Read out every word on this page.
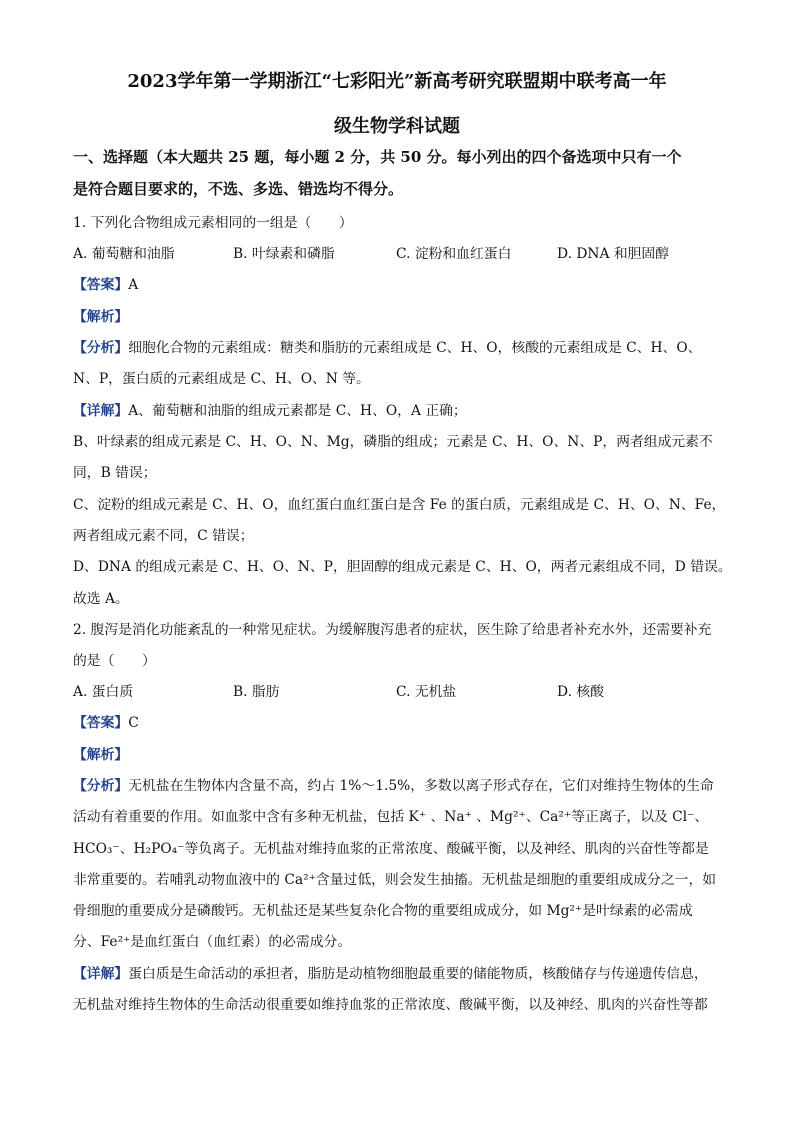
2023学年第一学期浙江“七彩阳光”新高考研究联盟期中联考高一年
级生物学科试题
一、选择题（本大题共 25 题，每小题 2 分，共 50 分。每小列出的四个备选项中只有一个
是符合题目要求的，不选、多选、错选均不得分。
1. 下列化合物组成元素相同的一组是（　　）
A. 葡萄糖和油脂	B. 叶绿素和磷脂	C. 淀粉和血红蛋白	D. DNA 和胆固醇
【答案】A
【解析】
【分析】细胞化合物的元素组成：糖类和脂肪的元素组成是 C、H、O，核酸的元素组成是 C、H、O、
N、P，蛋白质的元素组成是 C、H、O、N 等。
【详解】A、葡萄糖和油脂的组成元素都是 C、H、O，A 正确；
B、叶绿素的组成元素是 C、H、O、N、Mg，磷脂的组成；元素是 C、H、O、N、P，两者组成元素不
同，B 错误；
C、淀粉的组成元素是 C、H、O，血红蛋白血红蛋白是含 Fe 的蛋白质，元素组成是 C、H、O、N、Fe，
两者组成元素不同，C 错误；
D、DNA 的组成元素是 C、H、O、N、P，胆固醇的组成元素是 C、H、O，两者元素组成不同，D 错误。
故选 A。
2. 腹泻是消化功能紊乱的一种常见症状。为缓解腹泻患者的症状，医生除了给患者补充水外，还需要补充
的是（　　）
A. 蛋白质	B. 脂肪	C. 无机盐	D. 核酸
【答案】C
【解析】
【分析】无机盐在生物体内含量不高，约占 1%～1.5%，多数以离子形式存在，它们对维持生物体的生命
活动有着重要的作用。如血浆中含有多种无机盐，包括 K⁺ 、Na⁺ 、Mg²⁺、Ca²⁺等正离子，以及 Cl⁻、
HCO₃⁻、H₂PO₄⁻等负离子。无机盐对维持血浆的正常浓度、酸碱平衡，以及神经、肌肉的兴奋性等都是
非常重要的。若哺乳动物血液中的 Ca²⁺含量过低，则会发生抽搐。无机盐是细胞的重要组成成分之一，如
骨细胞的重要成分是磷酸钙。无机盐还是某些复杂化合物的重要组成成分，如 Mg²⁺是叶绿素的必需成
分、Fe²⁺是血红蛋白（血红素）的必需成分。
【详解】蛋白质是生命活动的承担者，脂肪是动植物细胞最重要的储能物质，核酸储存与传递遗传信息，
无机盐对维持生物体的生命活动很重要如维持血浆的正常浓度、酸碱平衡，以及神经、肌肉的兴奋性等都
